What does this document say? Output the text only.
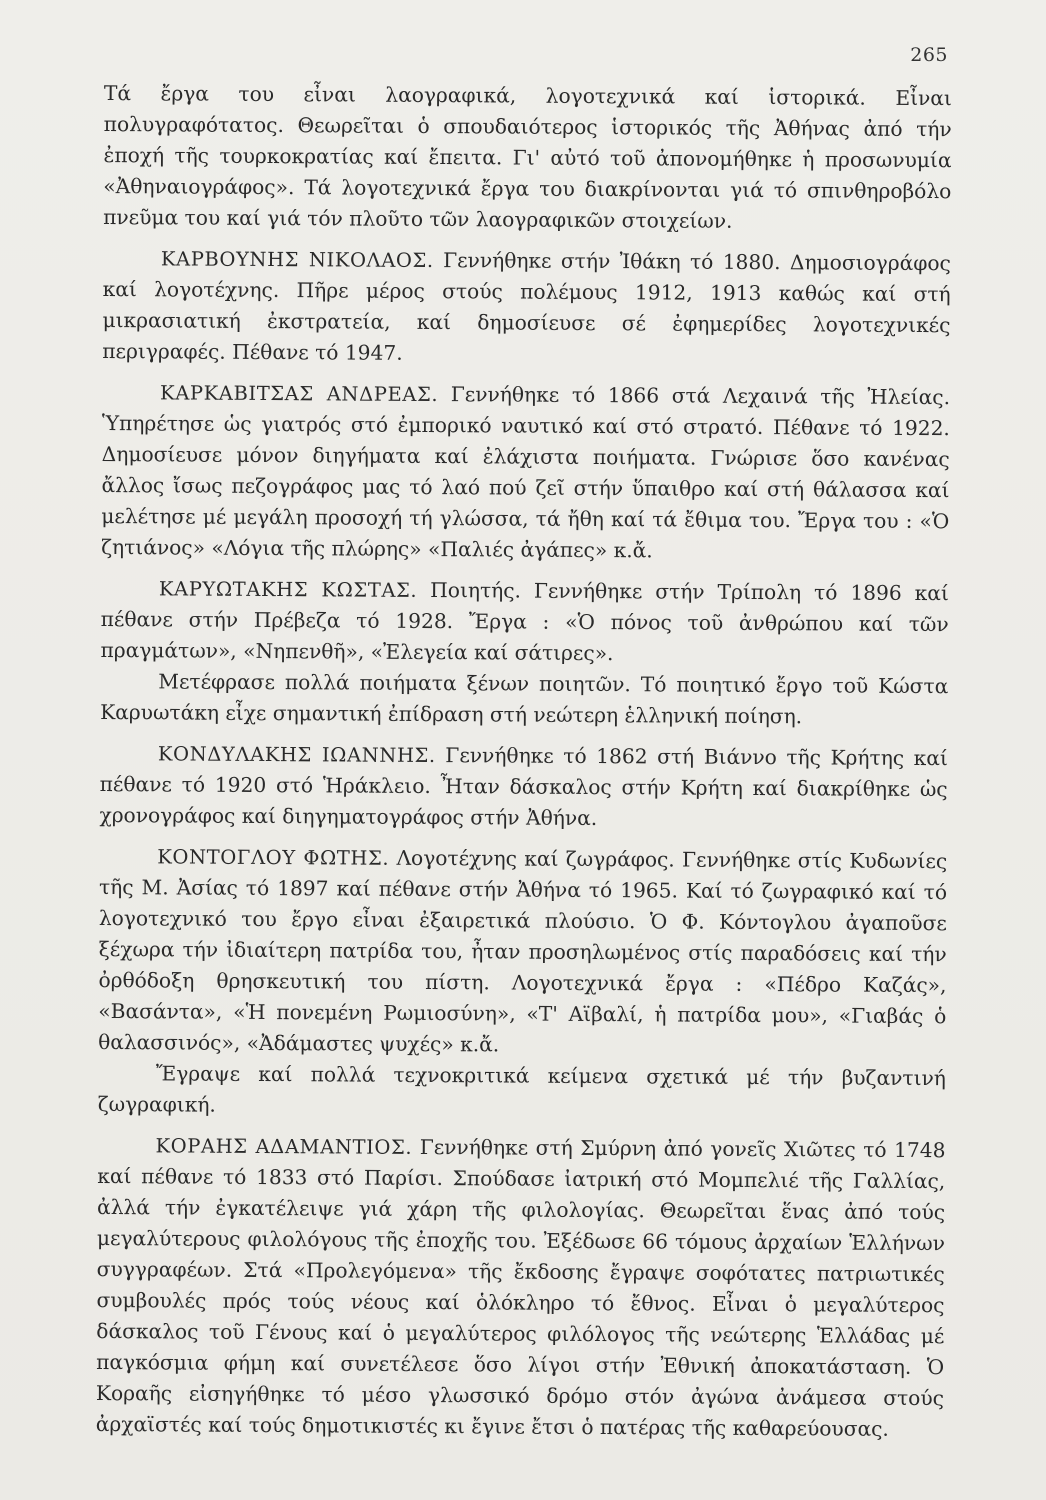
265

Τά ἔργα του εἶναι λαογραφικά, λογοτεχνικά καί ἱστορικά. Εἶναι πολυγραφότατος. Θεωρεῖται ὁ σπουδαιότερος ἱστορικός τῆς Ἀθήνας ἀπό τήν ἐποχή τῆς τουρκοκρατίας καί ἔπειτα. Γι' αὐτό τοῦ ἀπονομήθηκε ἡ προσωνυμία «Ἀθηναιογράφος». Τά λογοτεχνικά ἔργα του διακρίνονται γιά τό σπινθηροβόλο πνεῦμα του καί γιά τόν πλοῦτο τῶν λαογραφικῶν στοιχείων.

ΚΑΡΒΟΥΝΗΣ ΝΙΚΟΛΑΟΣ. Γεννήθηκε στήν Ἰθάκη τό 1880. Δημοσιογράφος καί λογοτέχνης. Πῆρε μέρος στούς πολέμους 1912, 1913 καθώς καί στή μικρασιατική ἐκστρατεία, καί δημοσίευσε σέ ἐφημερίδες λογοτεχνικές περιγραφές. Πέθανε τό 1947.

ΚΑΡΚΑΒΙΤΣΑΣ ΑΝΔΡΕΑΣ. Γεννήθηκε τό 1866 στά Λεχαινά τῆς Ἠλείας. Ὑπηρέτησε ὡς γιατρός στό ἐμπορικό ναυτικό καί στό στρατό. Πέθανε τό 1922. Δημοσίευσε μόνον διηγήματα καί ἐλάχιστα ποιήματα. Γνώρισε ὅσο κανένας ἄλλος ἴσως πεζογράφος μας τό λαό πού ζεῖ στήν ὕπαιθρο καί στή θάλασσα καί μελέτησε μέ μεγάλη προσοχή τή γλώσσα, τά ἤθη καί τά ἔθιμα του. Ἔργα του : «Ὁ ζητιάνος» «Λόγια τῆς πλώρης» «Παλιές ἀγάπες» κ.ἄ.

ΚΑΡΥΩΤΑΚΗΣ ΚΩΣΤΑΣ. Ποιητής. Γεννήθηκε στήν Τρίπολη τό 1896 καί πέθανε στήν Πρέβεζα τό 1928. Ἔργα : «Ὁ πόνος τοῦ ἀνθρώπου καί τῶν πραγμάτων», «Νηπενθῆ», «Ἐλεγεία καί σάτιρες».

Μετέφρασε πολλά ποιήματα ξένων ποιητῶν. Τό ποιητικό ἔργο τοῦ Κώστα Καρυωτάκη εἶχε σημαντική ἐπίδραση στή νεώτερη ἑλληνική ποίηση.

ΚΟΝΔΥΛΑΚΗΣ ΙΩΑΝΝΗΣ. Γεννήθηκε τό 1862 στή Βιάννο τῆς Κρήτης καί πέθανε τό 1920 στό Ἡράκλειο. Ἦταν δάσκαλος στήν Κρήτη καί διακρίθηκε ὡς χρονογράφος καί διηγηματογράφος στήν Ἀθήνα.

ΚΟΝΤΟΓΛΟΥ ΦΩΤΗΣ. Λογοτέχνης καί ζωγράφος. Γεννήθηκε στίς Κυδωνίες τῆς Μ. Ἀσίας τό 1897 καί πέθανε στήν Ἀθήνα τό 1965. Καί τό ζωγραφικό καί τό λογοτεχνικό του ἔργο εἶναι ἐξαιρετικά πλούσιο. Ὁ Φ. Κόντογλου ἀγαποῦσε ξέχωρα τήν ἰδιαίτερη πατρίδα του, ἦταν προσηλωμένος στίς παραδόσεις καί τήν ὀρθόδοξη θρησκευτική του πίστη. Λογοτεχνικά ἔργα : «Πέδρο Καζάς», «Βασάντα», «Ἡ πονεμένη Ρωμιοσύνη», «Τ' Αϊβαλί, ἡ πατρίδα μου», «Γιαβάς ὁ θαλασσινός», «Ἀδάμαστες ψυχές» κ.ἄ.

Ἔγραψε καί πολλά τεχνοκριτικά κείμενα σχετικά μέ τήν βυζαντινή ζωγραφική.

ΚΟΡΑΗΣ ΑΔΑΜΑΝΤΙΟΣ. Γεννήθηκε στή Σμύρνη ἀπό γονεῖς Χιῶτες τό 1748 καί πέθανε τό 1833 στό Παρίσι. Σπούδασε ἰατρική στό Μομπελιέ τῆς Γαλλίας, ἀλλά τήν ἐγκατέλειψε γιά χάρη τῆς φιλολογίας. Θεωρεῖται ἕνας ἀπό τούς μεγαλύτερους φιλολόγους τῆς ἐποχῆς του. Ἐξέδωσε 66 τόμους ἀρχαίων Ἑλλήνων συγγραφέων. Στά «Προλεγόμενα» τῆς ἔκδοσης ἔγραψε σοφότατες πατριωτικές συμβουλές πρός τούς νέους καί ὁλόκληρο τό ἔθνος. Εἶναι ὁ μεγαλύτερος δάσκαλος τοῦ Γένους καί ὁ μεγαλύτερος φιλόλογος τῆς νεώτερης Ἑλλάδας μέ παγκόσμια φήμη καί συνετέλεσε ὅσο λίγοι στήν Ἐθνική ἀποκατάσταση. Ὁ Κοραῆς εἰσηγήθηκε τό μέσο γλωσσικό δρόμο στόν ἀγώνα ἀνάμεσα στούς ἀρχαϊστές καί τούς δημοτικιστές κι ἔγινε ἔτσι ὁ πατέρας τῆς καθαρεύουσας.
